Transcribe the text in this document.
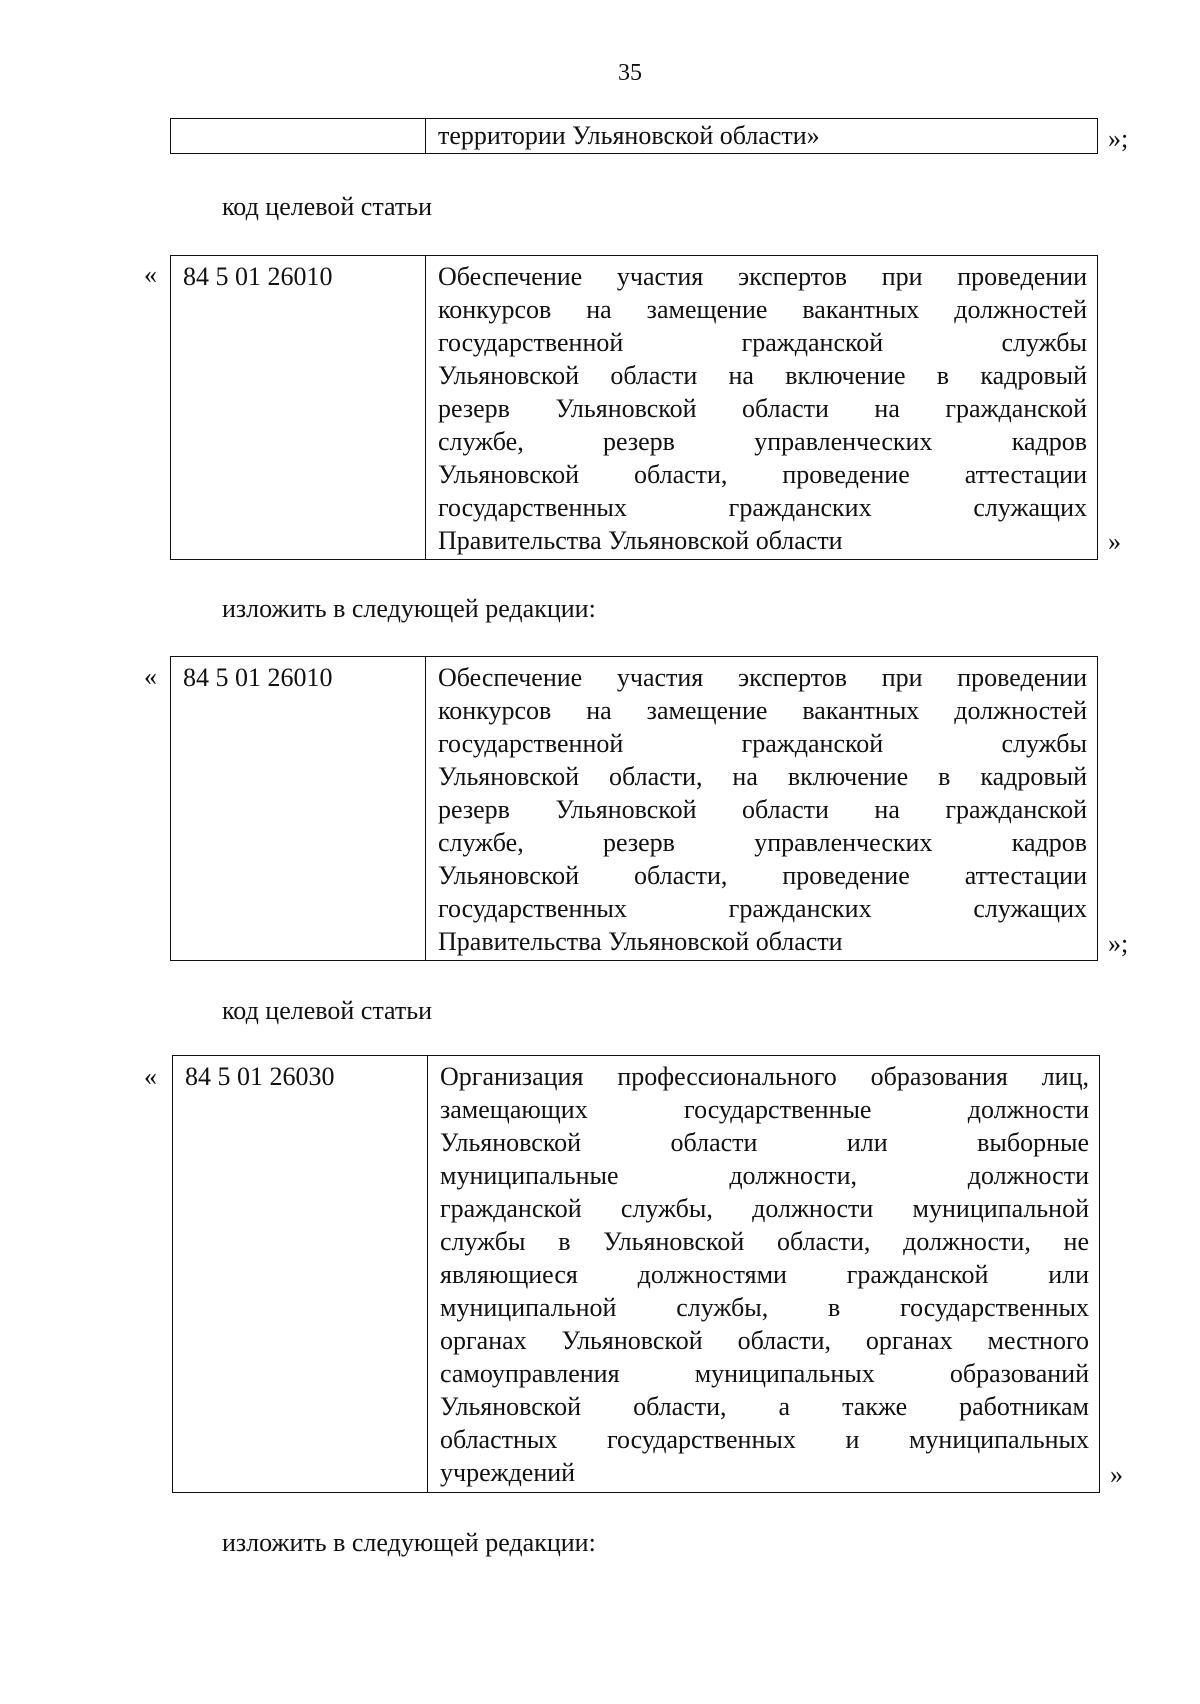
35
территории Ульяновской области»	»;
код целевой статьи
«	84 5 01 26010	Обеспечение участия экспертов при проведении
конкурсов на замещение вакантных должностей
государственной гражданской службы
Ульяновской области на включение в кадровый
резерв Ульяновской области на гражданской
службе, резерв управленческих кадров
Ульяновской области, проведение аттестации
государственных гражданских служащих
Правительства Ульяновской области	»
изложить в следующей редакции:
«	84 5 01 26010	Обеспечение участия экспертов при проведении
конкурсов на замещение вакантных должностей
государственной гражданской службы
Ульяновской области, на включение в кадровый
резерв Ульяновской области на гражданской
службе, резерв управленческих кадров
Ульяновской области, проведение аттестации
государственных гражданских служащих
Правительства Ульяновской области	»;
код целевой статьи
«	84 5 01 26030	Организация профессионального образования лиц,
замещающих государственные должности
Ульяновской области или выборные
муниципальные должности, должности
гражданской службы, должности муниципальной
службы в Ульяновской области, должности, не
являющиеся должностями гражданской или
муниципальной службы, в государственных
органах Ульяновской области, органах местного
самоуправления муниципальных образований
Ульяновской области, а также работникам
областных государственных и муниципальных
учреждений	»
изложить в следующей редакции:
